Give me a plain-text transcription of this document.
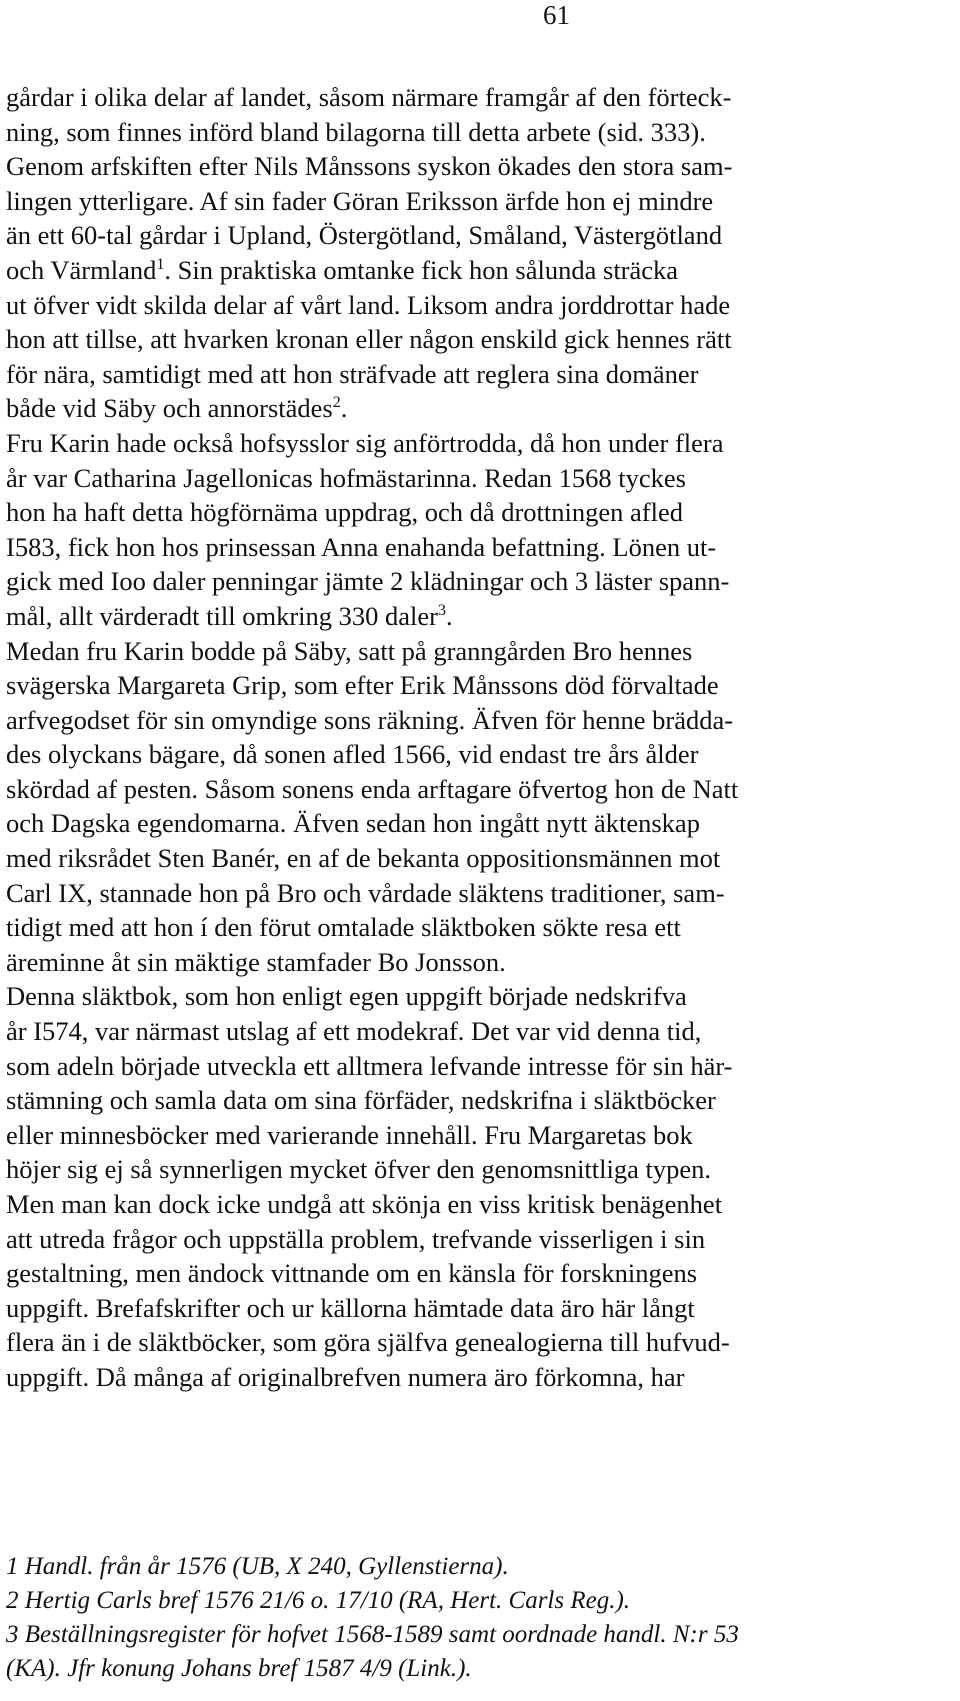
61
gårdar i olika delar af landet, såsom närmare framgår af den förteck-
ning, som finnes införd bland bilagorna till detta arbete (sid. 333).
Genom arfskiften efter Nils Månssons syskon ökades den stora sam-
lingen ytterligare. Af sin fader Göran Eriksson ärfde hon ej mindre
än ett 60-tal gårdar i Upland, Östergötland, Småland, Västergötland
och Värmland$^1$. Sin praktiska omtanke fick hon sålunda sträcka
ut öfver vidt skilda delar af vårt land. Liksom andra jorddrottar hade
hon att tillse, att hvarken kronan eller någon enskild gick hennes rätt
för nära, samtidigt med att hon sträfvade att reglera sina domäner
både vid Säby och annorstädes$^2$.
Fru Karin hade också hofsysslor sig anförtrodda, då hon under flera
år var Catharina Jagellonicas hofmästarinna. Redan 1568 tyckes
hon ha haft detta högförnäma uppdrag, och då drottningen afled
I583, fick hon hos prinsessan Anna enahanda befattning. Lönen ut-
gick med Ioo daler penningar jämte 2 klädningar och 3 läster spann-
mål, allt värderadt till omkring 330 daler$^3$.
Medan fru Karin bodde på Säby, satt på granngården Bro hennes
svägerska Margareta Grip, som efter Erik Månssons död förvaltade
arfvegodset för sin omyndige sons räkning. Äfven för henne brädda-
des olyckans bägare, då sonen afled 1566, vid endast tre års ålder
skördad af pesten. Såsom sonens enda arftagare öfvertog hon de Natt
och Dagska egendomarna. Äfven sedan hon ingått nytt äktenskap
med riksrådet Sten Banér, en af de bekanta oppositionsmännen mot
Carl IX, stannade hon på Bro och vårdade släktens traditioner, sam-
tidigt med att hon í den förut omtalade släktboken sökte resa ett
äreminne åt sin mäktige stamfader Bo Jonsson.
Denna släktbok, som hon enligt egen uppgift började nedskrifva
år I574, var närmast utslag af ett modekraf. Det var vid denna tid,
som adeln började utveckla ett alltmera lefvande intresse för sin här-
stämning och samla data om sina förfäder, nedskrifna i släktböcker
eller minnesböcker med varierande innehåll. Fru Margaretas bok
höjer sig ej så synnerligen mycket öfver den genomsnittliga typen.
Men man kan dock icke undgå att skönja en viss kritisk benägenhet
att utreda frågor och uppställa problem, trefvande visserligen i sin
gestaltning, men ändock vittnande om en känsla för forskningens
uppgift. Brefafskrifter och ur källorna hämtade data äro här långt
flera än i de släktböcker, som göra själfva genealogierna till hufvud-
uppgift. Då många af originalbrefven numera äro förkomna, har
1 Handl. från år 1576 (UB, X 240, Gyllenstierna).
2 Hertig Carls bref 1576 21/6 o. 17/10 (RA, Hert. Carls Reg.).
3 Beställningsregister för hofvet 1568-1589 samt oordnade handl. N:r 53
(KA). Jfr konung Johans bref 1587 4/9 (Link.).
